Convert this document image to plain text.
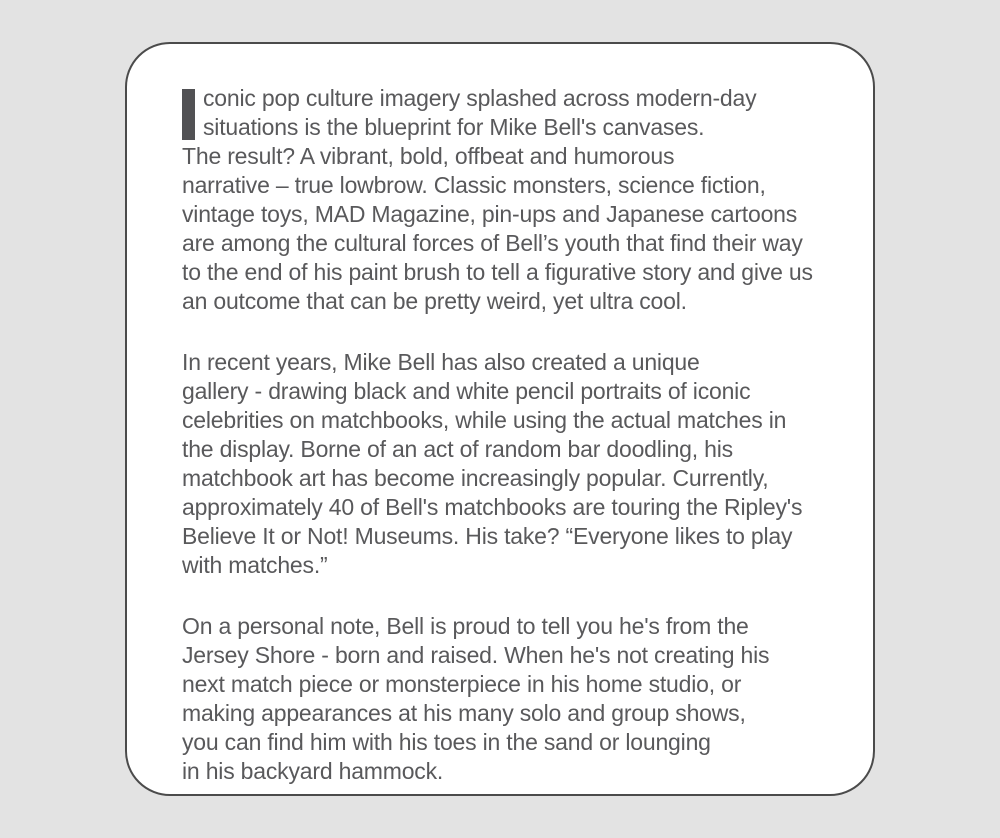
conic pop culture imagery splashed across modern-day
situations is the blueprint for Mike Bell's canvases.
The result? A vibrant, bold, offbeat and humorous
narrative – true lowbrow. Classic monsters, science fiction,
vintage toys, MAD Magazine, pin-ups and Japanese cartoons
are among the cultural forces of Bell’s youth that find their way
to the end of his paint brush to tell a figurative story and give us
an outcome that can be pretty weird, yet ultra cool.
In recent years, Mike Bell has also created a unique
gallery - drawing black and white pencil portraits of iconic
celebrities on matchbooks, while using the actual matches in
the display. Borne of an act of random bar doodling, his
matchbook art has become increasingly popular. Currently,
approximately 40 of Bell's matchbooks are touring the Ripley's
Believe It or Not! Museums. His take? “Everyone likes to play
with matches.”
On a personal note, Bell is proud to tell you he's from the
Jersey Shore - born and raised. When he's not creating his
next match piece or monsterpiece in his home studio, or
making appearances at his many solo and group shows,
you can find him with his toes in the sand or lounging
in his backyard hammock.
